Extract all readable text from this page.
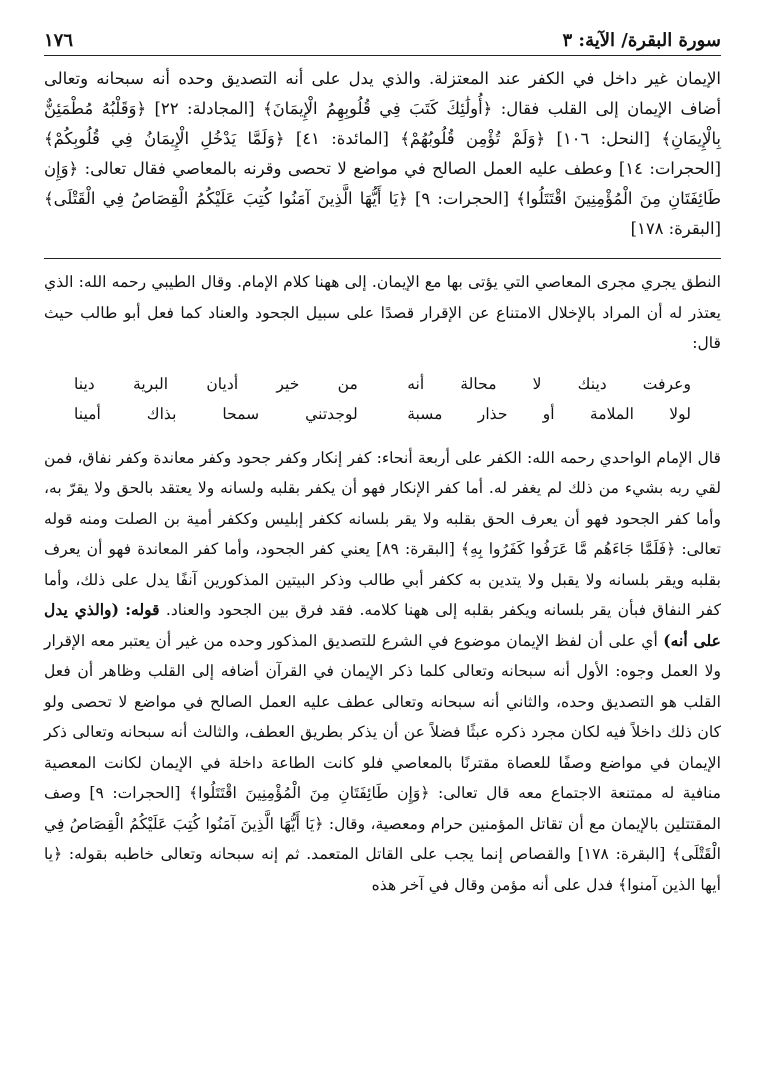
سورة البقرة/ الآية: ٣
١٧٦

الإيمان غير داخل في الكفر عند المعتزلة. والذي يدل على أنه التصديق وحده أنه سبحانه وتعالى أضاف الإيمان إلى القلب فقال: ﴿أُولَٰئِكَ كَتَبَ فِي قُلُوبِهِمُ الْإِيمَانَ﴾ [المجادلة: ٢٢] ﴿وَقَلْبُهُ مُطْمَئِنٌّ بِالْإِيمَانِ﴾ [النحل: ١٠٦] ﴿وَلَمْ تُؤْمِن قُلُوبُهُمْ﴾ [المائدة: ٤١] ﴿وَلَمَّا يَدْخُلِ الْإِيمَانُ فِي قُلُوبِكُمْ﴾ [الحجرات: ١٤] وعطف عليه العمل الصالح في مواضع لا تحصى وقرنه بالمعاصي فقال تعالى: ﴿وَإِن طَائِفَتَانِ مِنَ الْمُؤْمِنِينَ اقْتَتَلُوا﴾ [الحجرات: ٩] ﴿يَا أَيُّهَا الَّذِينَ آمَنُوا كُتِبَ عَلَيْكُمُ الْقِصَاصُ فِي الْقَتْلَى﴾ [البقرة: ١٧٨]

النطق يجري مجرى المعاصي التي يؤتى بها مع الإيمان. إلى ههنا كلام الإمام. وقال الطيبي رحمه الله: الذي يعتذر له أن المراد بالإخلال الامتناع عن الإقرار قصدًا على سبيل الجحود والعناد كما فعل أبو طالب حيث قال:

وعرفت دينك لا محالة أنه
من خير أديان البرية دينا
لولا الملامة أو حذار مسبة
لوجدتني سمحا بذاك أمينا

قال الإمام الواحدي رحمه الله: الكفر على أربعة أنحاء: كفر إنكار وكفر جحود وكفر معاندة وكفر نفاق، فمن لقي ربه بشيء من ذلك لم يغفر له. أما كفر الإنكار فهو أن يكفر بقلبه ولسانه ولا يعتقد بالحق ولا يقرّ به، وأما كفر الجحود فهو أن يعرف الحق بقلبه ولا يقر بلسانه ككفر إبليس وككفر أمية بن الصلت ومنه قوله تعالى: ﴿فَلَمَّا جَاءَهُم مَّا عَرَفُوا كَفَرُوا بِهِ﴾ [البقرة: ٨٩] يعني كفر الجحود، وأما كفر المعاندة فهو أن يعرف بقلبه ويقر بلسانه ولا يقبل ولا يتدين به ككفر أبي طالب وذكر البيتين المذكورين آنفًا يدل على ذلك، وأما كفر النفاق فبأن يقر بلسانه ويكفر بقلبه إلى ههنا كلامه. فقد فرق بين الجحود والعناد. قوله: (والذي يدل على أنه) أي على أن لفظ الإيمان موضوع في الشرع للتصديق المذكور وحده من غير أن يعتبر معه الإقرار ولا العمل وجوه: الأول أنه سبحانه وتعالى كلما ذكر الإيمان في القرآن أضافه إلى القلب وظاهر أن فعل القلب هو التصديق وحده، والثاني أنه سبحانه وتعالى عطف عليه العمل الصالح في مواضع لا تحصى ولو كان ذلك داخلاً فيه لكان مجرد ذكره عبثًا فضلاً عن أن يذكر بطريق العطف، والثالث أنه سبحانه وتعالى ذكر الإيمان في مواضع وصفًا للعصاة مقترنًا بالمعاصي فلو كانت الطاعة داخلة في الإيمان لكانت المعصية منافية له ممتنعة الاجتماع معه قال تعالى: ﴿وَإِن طَائِفَتَانِ مِنَ الْمُؤْمِنِينَ اقْتَتَلُوا﴾ [الحجرات: ٩] وصف المقتتلين بالإيمان مع أن تقاتل المؤمنين حرام ومعصية، وقال: ﴿يَا أَيُّهَا الَّذِينَ آمَنُوا كُتِبَ عَلَيْكُمُ الْقِصَاصُ فِي الْقَتْلَى﴾ [البقرة: ١٧٨] والقصاص إنما يجب على القاتل المتعمد. ثم إنه سبحانه وتعالى خاطبه بقوله: ﴿يا أيها الذين آمنوا﴾ فدل على أنه مؤمن وقال في آخر هذه
